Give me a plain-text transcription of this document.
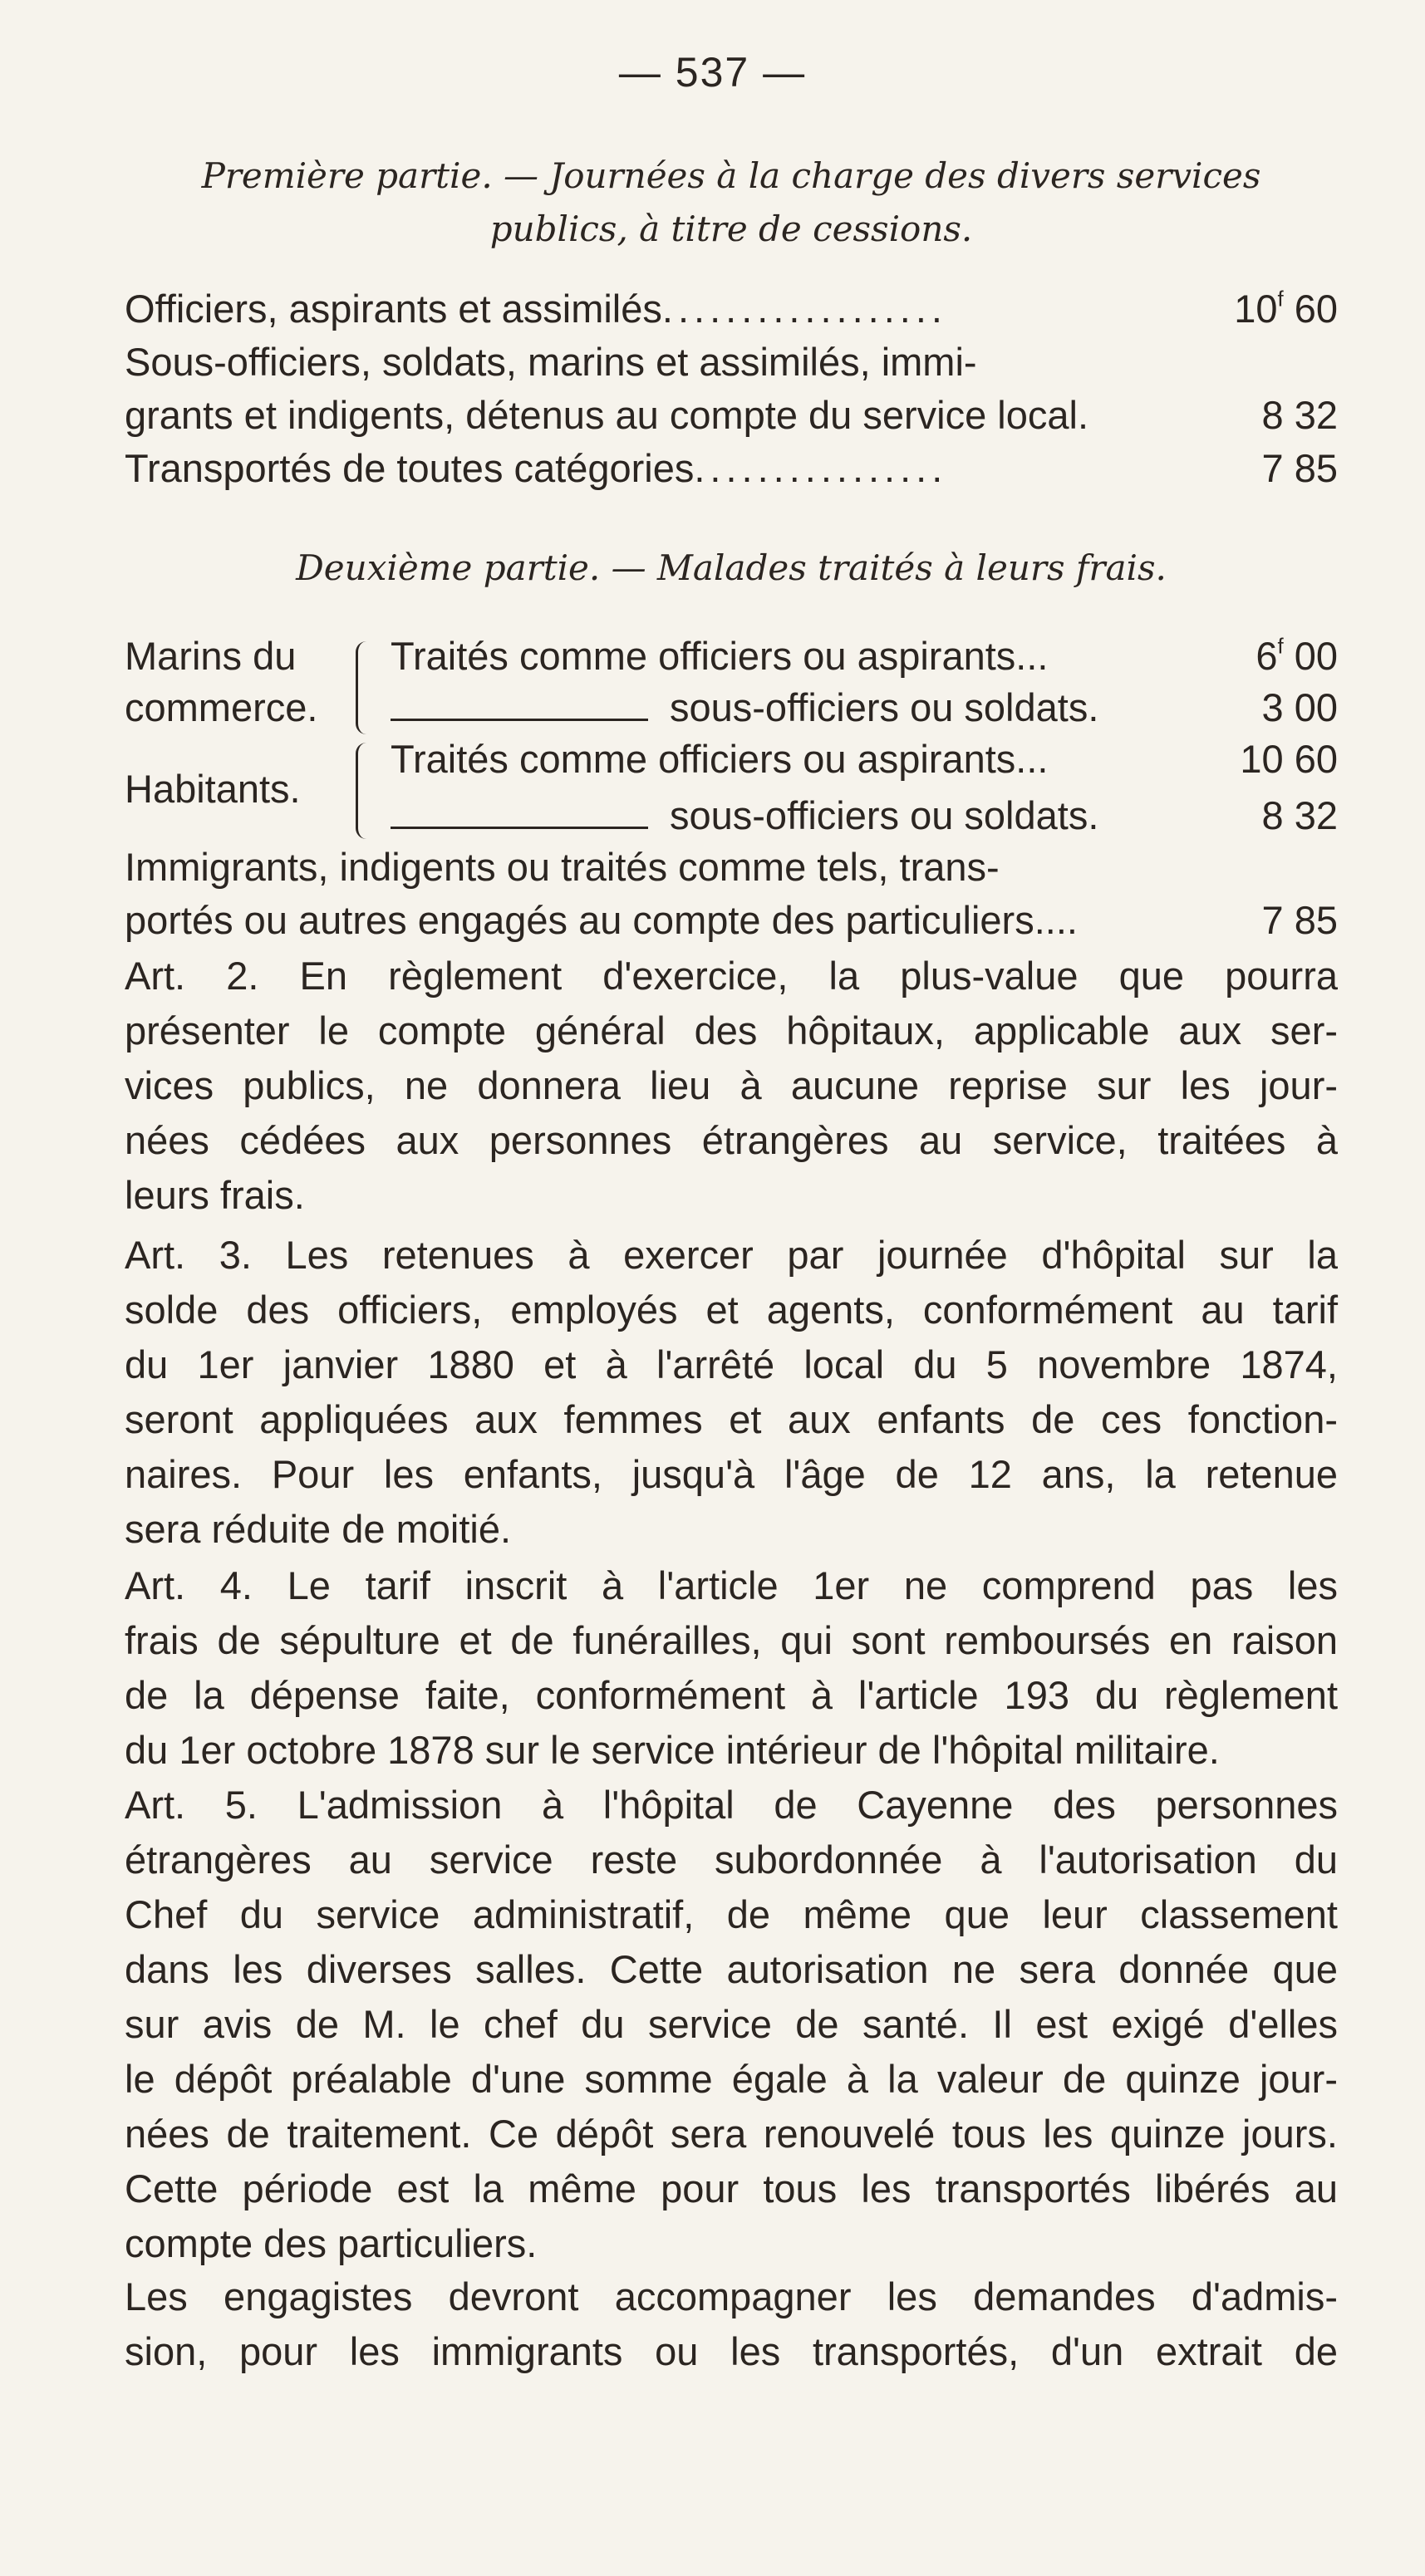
— 537 —
Première partie. — Journées à la charge des divers services
publics, à titre de cessions.
Officiers, aspirants et assimilés ..................	10$^f$ 60
Sous-officiers, soldats, marins et assimilés, immi-
grants et indigents, détenus au compte du service local.	8 32
Transportés de toutes catégories ................	7 85
Deuxième partie. — Malades traités à leurs frais.
Marins du
commerce.
Traités comme officiers ou aspirants...	6$^f$ 00
sous-officiers ou soldats.	3 00
Habitants.
Traités comme officiers ou aspirants...	10 60
sous-officiers ou soldats.	8 32
Immigrants, indigents ou traités comme tels, trans-
portés ou autres engagés au compte des particuliers....	7 85
Art. 2. En règlement d'exercice, la plus-value que pourra
présenter le compte général des hôpitaux, applicable aux ser-
vices publics, ne donnera lieu à aucune reprise sur les jour-
nées cédées aux personnes étrangères au service, traitées à
leurs frais.
Art. 3. Les retenues à exercer par journée d'hôpital sur la
solde des officiers, employés et agents, conformément au tarif
du 1er janvier 1880 et à l'arrêté local du 5 novembre 1874,
seront appliquées aux femmes et aux enfants de ces fonction-
naires. Pour les enfants, jusqu'à l'âge de 12 ans, la retenue
sera réduite de moitié.
Art. 4. Le tarif inscrit à l'article 1er ne comprend pas les
frais de sépulture et de funérailles, qui sont remboursés en raison
de la dépense faite, conformément à l'article 193 du règlement
du 1er octobre 1878 sur le service intérieur de l'hôpital militaire.
Art. 5. L'admission à l'hôpital de Cayenne des personnes
étrangères au service reste subordonnée à l'autorisation du
Chef du service administratif, de même que leur classement
dans les diverses salles. Cette autorisation ne sera donnée que
sur avis de M. le chef du service de santé. Il est exigé d'elles
le dépôt préalable d'une somme égale à la valeur de quinze jour-
nées de traitement. Ce dépôt sera renouvelé tous les quinze jours.
Cette période est la même pour tous les transportés libérés au
compte des particuliers.
Les engagistes devront accompagner les demandes d'admis-
sion, pour les immigrants ou les transportés, d'un extrait de
